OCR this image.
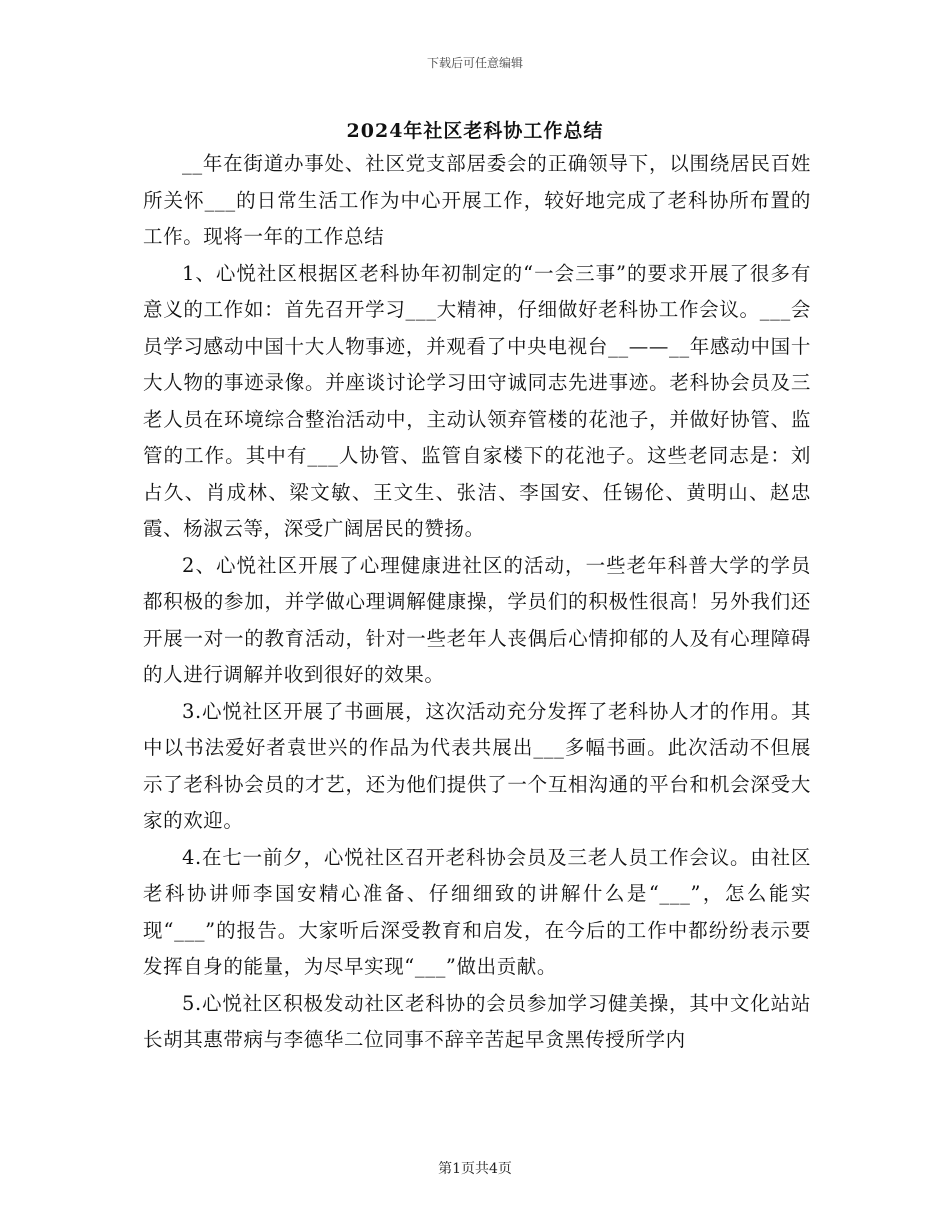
下载后可任意编辑
2024年社区老科协工作总结

__年在街道办事处、社区党支部居委会的正确领导下，以围绕居民百姓所关怀___的日常生活工作为中心开展工作，较好地完成了老科协所布置的工作。现将一年的工作总结

1、心悦社区根据区老科协年初制定的“一会三事”的要求开展了很多有意义的工作如：首先召开学习___大精神，仔细做好老科协工作会议。___会员学习感动中国十大人物事迹，并观看了中央电视台__——__年感动中国十大人物的事迹录像。并座谈讨论学习田守诚同志先进事迹。老科协会员及三老人员在环境综合整治活动中，主动认领弃管楼的花池子，并做好协管、监管的工作。其中有___人协管、监管自家楼下的花池子。这些老同志是：刘占久、肖成林、梁文敏、王文生、张洁、李国安、任锡伦、黄明山、赵忠霞、杨淑云等，深受广阔居民的赞扬。

2、心悦社区开展了心理健康进社区的活动，一些老年科普大学的学员都积极的参加，并学做心理调解健康操，学员们的积极性很高！另外我们还开展一对一的教育活动，针对一些老年人丧偶后心情抑郁的人及有心理障碍的人进行调解并收到很好的效果。

3.心悦社区开展了书画展，这次活动充分发挥了老科协人才的作用。其中以书法爱好者袁世兴的作品为代表共展出___多幅书画。此次活动不但展示了老科协会员的才艺，还为他们提供了一个互相沟通的平台和机会深受大家的欢迎。

4.在七一前夕，心悦社区召开老科协会员及三老人员工作会议。由社区老科协讲师李国安精心准备、仔细细致的讲解什么是“___”，怎么能实现“___”的报告。大家听后深受教育和启发，在今后的工作中都纷纷表示要发挥自身的能量，为尽早实现“___”做出贡献。

5.心悦社区积极发动社区老科协的会员参加学习健美操，其中文化站站长胡其惠带病与李德华二位同事不辞辛苦起早贪黑传授所学内

第1页共4页
